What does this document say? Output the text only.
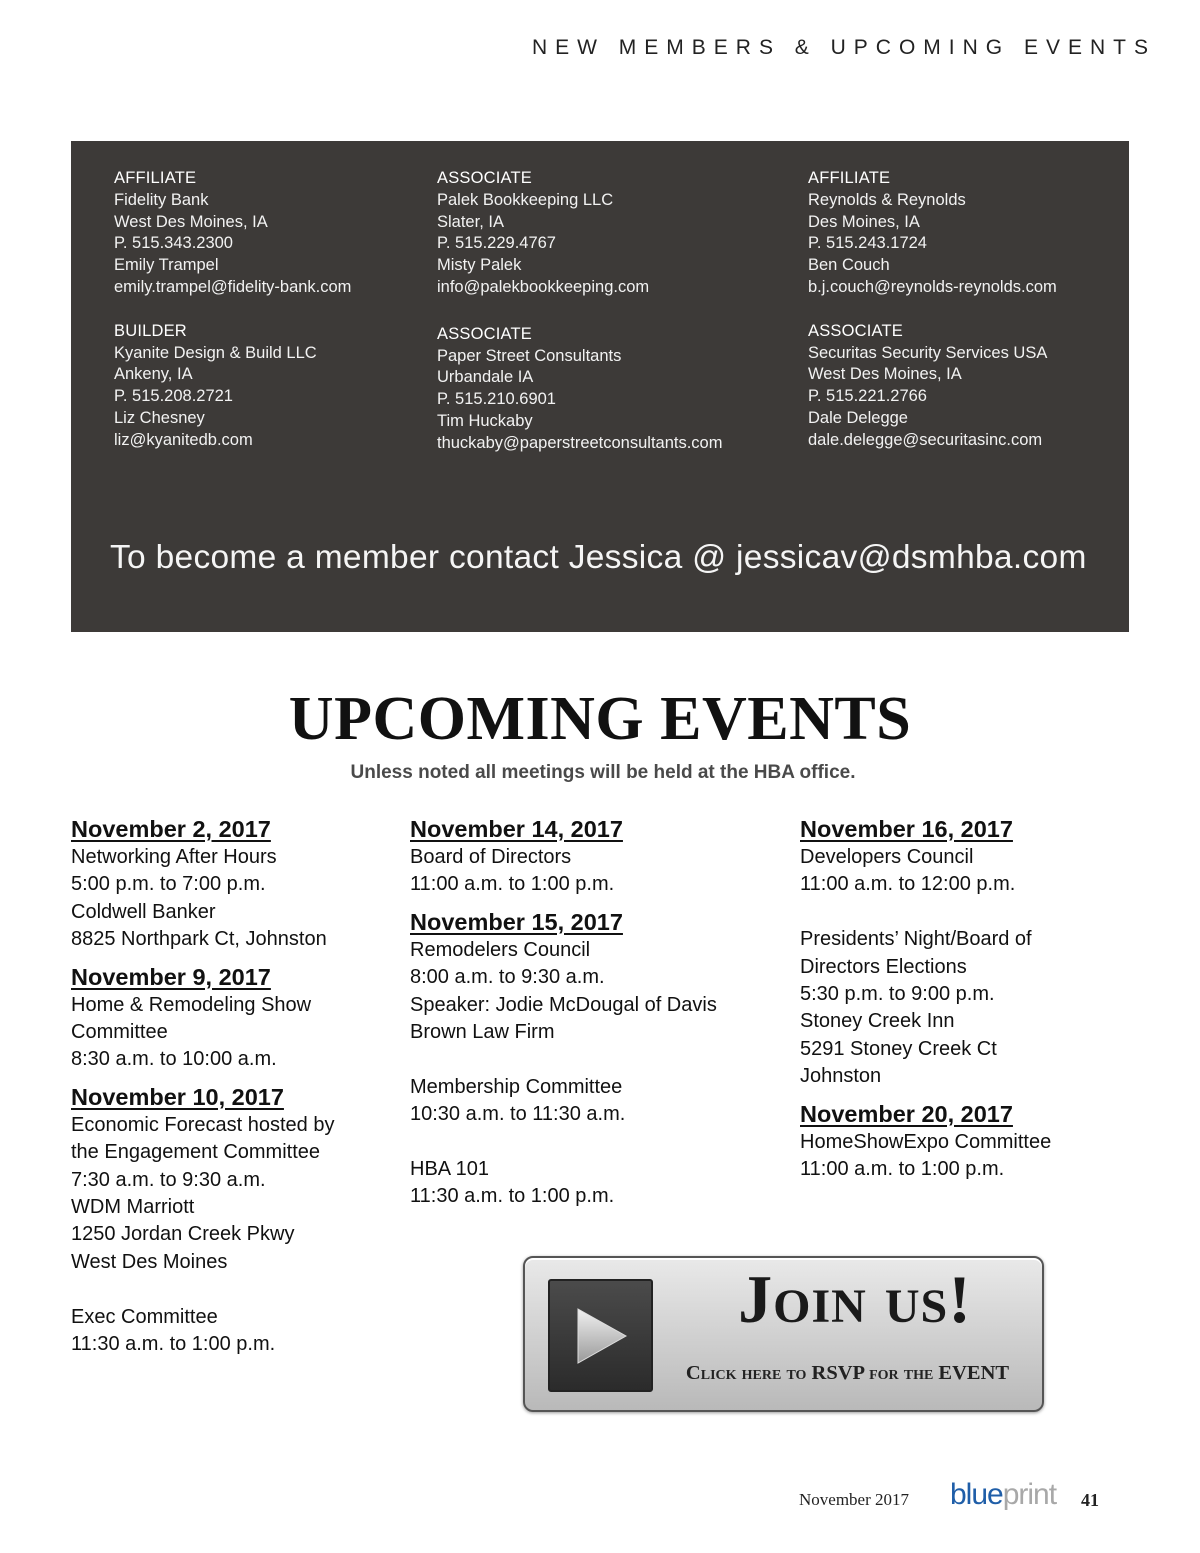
NEW MEMBERS & UPCOMING EVENTS
AFFILIATE
Fidelity Bank
West Des Moines, IA
P. 515.343.2300
Emily Trampel
emily.trampel@fidelity-bank.com
BUILDER
Kyanite Design & Build LLC
Ankeny, IA
P. 515.208.2721
Liz Chesney
liz@kyanitedb.com
ASSOCIATE
Palek Bookkeeping LLC
Slater, IA
P. 515.229.4767
Misty Palek
info@palekbookkeeping.com
ASSOCIATE
Paper Street Consultants
Urbandale IA
P. 515.210.6901
Tim Huckaby
thuckaby@paperstreetconsultants.com
AFFILIATE
Reynolds & Reynolds
Des Moines, IA
P. 515.243.1724
Ben Couch
b.j.couch@reynolds-reynolds.com
ASSOCIATE
Securitas Security Services USA
West Des Moines, IA
P. 515.221.2766
Dale Delegge
dale.delegge@securitasinc.com
To become a member contact Jessica @ jessicav@dsmhba.com
UPCOMING EVENTS
Unless noted all meetings will be held at the HBA office.
November 2, 2017
Networking After Hours
5:00 p.m. to 7:00 p.m.
Coldwell Banker
8825 Northpark Ct, Johnston
November 9, 2017
Home & Remodeling Show
Committee
8:30 a.m. to 10:00 a.m.
November 10, 2017
Economic Forecast hosted by
the Engagement Committee
7:30 a.m. to 9:30 a.m.
WDM Marriott
1250 Jordan Creek Pkwy
West Des Moines
Exec Committee
11:30 a.m. to 1:00 p.m.
November 14, 2017
Board of Directors
11:00 a.m. to 1:00 p.m.
November 15, 2017
Remodelers Council
8:00 a.m. to 9:30 a.m.
Speaker: Jodie McDougal of Davis
Brown Law Firm
Membership Committee
10:30 a.m. to 11:30 a.m.
HBA 101
11:30 a.m. to 1:00 p.m.
November 16, 2017
Developers Council
11:00 a.m. to 12:00 p.m.
Presidents’ Night/Board of
Directors Elections
5:30 p.m. to 9:00 p.m.
Stoney Creek Inn
5291 Stoney Creek Ct
Johnston
November 20, 2017
HomeShowExpo Committee
11:00 a.m. to 1:00 p.m.
Join us!
Click here to RSVP for the EVENT
November 2017 blueprint 41
